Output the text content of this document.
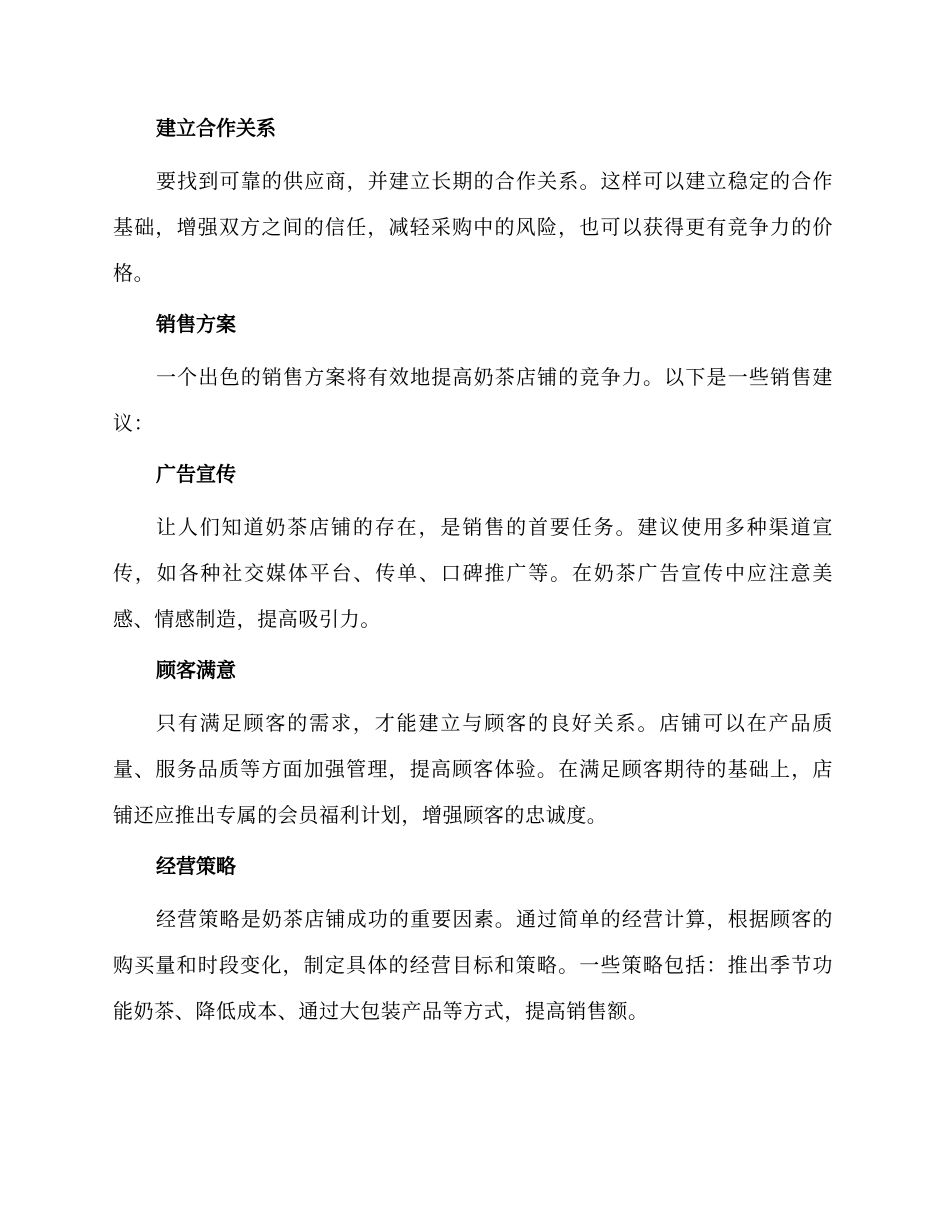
建立合作关系

要找到可靠的供应商，并建立长期的合作关系。这样可以建立稳定的合作基础，增强双方之间的信任，减轻采购中的风险，也可以获得更有竞争力的价格。

销售方案

一个出色的销售方案将有效地提高奶茶店铺的竞争力。以下是一些销售建议：

广告宣传

让人们知道奶茶店铺的存在，是销售的首要任务。建议使用多种渠道宣传，如各种社交媒体平台、传单、口碑推广等。在奶茶广告宣传中应注意美感、情感制造，提高吸引力。

顾客满意

只有满足顾客的需求，才能建立与顾客的良好关系。店铺可以在产品质量、服务品质等方面加强管理，提高顾客体验。在满足顾客期待的基础上，店铺还应推出专属的会员福利计划，增强顾客的忠诚度。

经营策略

经营策略是奶茶店铺成功的重要因素。通过简单的经营计算，根据顾客的购买量和时段变化，制定具体的经营目标和策略。一些策略包括：推出季节功能奶茶、降低成本、通过大包装产品等方式，提高销售额。
